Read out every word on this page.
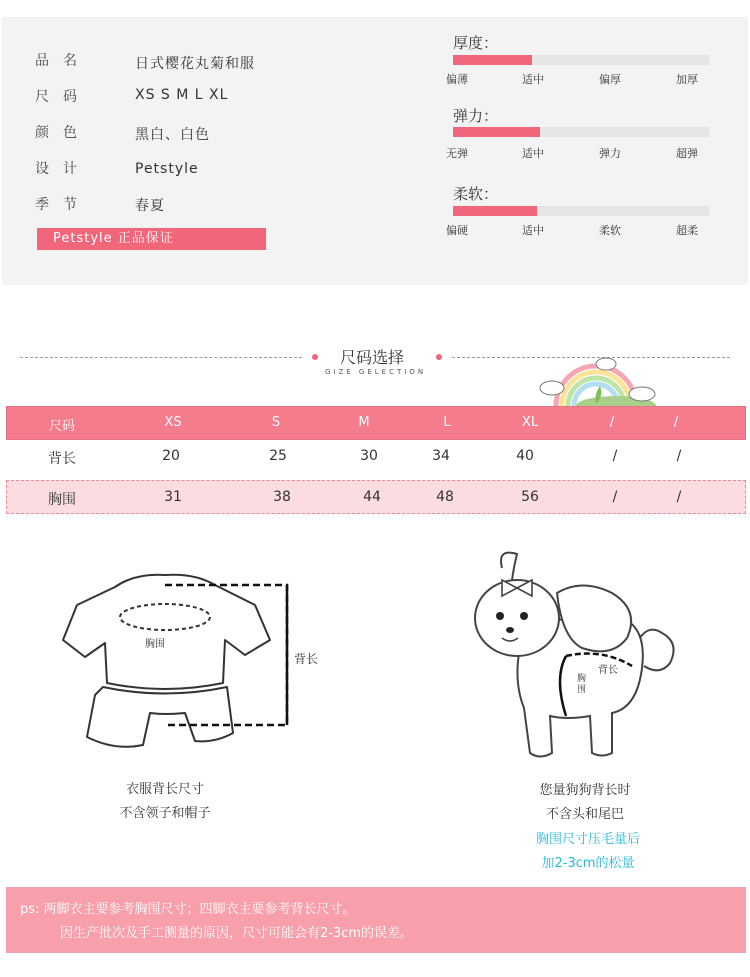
品名	日式樱花丸菊和服
尺码	XS S M L XL
颜色	黑白、白色
设计	Petstyle
季节	春夏
Petstyle 正品保证
厚度：
偏薄	适中	偏厚	加厚
弹力：
无弹	适中	弹力	超弹
柔软：
偏硬	适中	柔软	超柔
尺码选择
GIZE GELECTION
尺码	XS	S	M	L	XL	/	/
背长	20	25	30	34	40	/	/
胸围	31	38	44	48	56	/	/
胸围
背长
背长
胸围
衣服背长尺寸
不含领子和帽子
您量狗狗背长时
不含头和尾巴
胸围尺寸压毛量后
加2-3cm的松量
ps: 两脚衣主要参考胸围尺寸；四脚衣主要参考背长尺寸。
因生产批次及手工测量的原因，尺寸可能会有2-3cm的误差。
